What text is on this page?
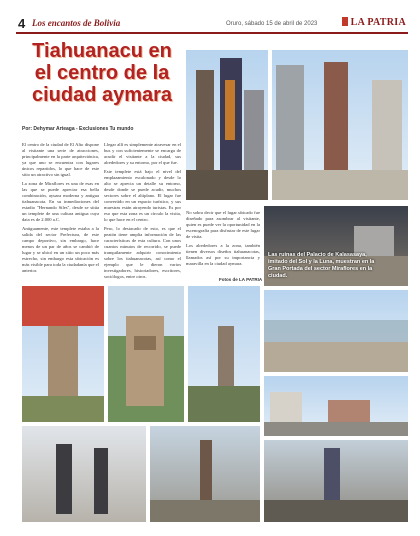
4 Los encantos de Bolivia	Oruro, sábado 15 de abril de 2023	LA PATRIA
Tiahuanacu en el centro de la ciudad aymara
Por: Dehymar Arteaga - Exclusiones Tu mundo

El centro de la ciudad de El Alto dispone al visitante una serie de atracciones, principalmente en la parte arquitectónica, ya que uno se encuentra con lugares únicos repartidos, lo que hace de este sitio un atractivo sin igual.

La zona de Miraflores es una de esas en las que se puede apreciar esa bella combinación, ayuara moderna y antigua tiahuanacota. En su inmediaciones del estadio "Hernando Siles", desde se sitúa un templete de una cultura antigua cuya data es de 2.000 a.C.

Antiguamente, este templete estaba a la salida del sector Prefectura, de este campo deportivo, sin embargo, hace menos de un par de años se cambió de lugar y se ubicó en un sitio un poco más estrecho, sin embargo esta ubicación es más visible para toda la ciudadanía que el anterior.

Llegar allí es simplemente atravesar en el bus y con suficientemente se encarga de acudir el visitante a la ciudad, sus alrededores y su entorno, por el que fue.

Este templete está bajo el nivel del emplazamiento escalonado y desde lo alto se aprecia un detalle su entorno, desde donde se puede acudir, muchos sectores sobre el altiplano. El lugar fue convertido en un espacio turístico, y sus muestras están atrayendo turistas. Es por eso que esta zona es un círculo la visita, lo que hace en el centro.

Pero, lo destacado de esto, es que el peatón tiene amplia información de las características de esta cultura. Con unos cuantos minutos de recorrido, se puede tranquilamente adquirir conocimiento sobre los tiahuanacotas, así como el ejemplo que le dieron varios investigadores, historiadores, escritores, sociólogos, entre otros.

No sobra decir que el lugar ubicado fue diseñado para asombrar al visitante, quien es puede ver la oportunidad en la escenografía para disfrutar de este lugar de visita.

Los alrededores a la zona, también tienen diversos diseños tiahuanacotas, llamados así por su importancia y maravilla en la ciudad aymara.

Fotos de LA PATRIA
Las ruinas del Palacio de Kalasasaya, imitado del Sol y la Luna, muestran en la Gran Portada del sector Miraflores en la ciudad.
